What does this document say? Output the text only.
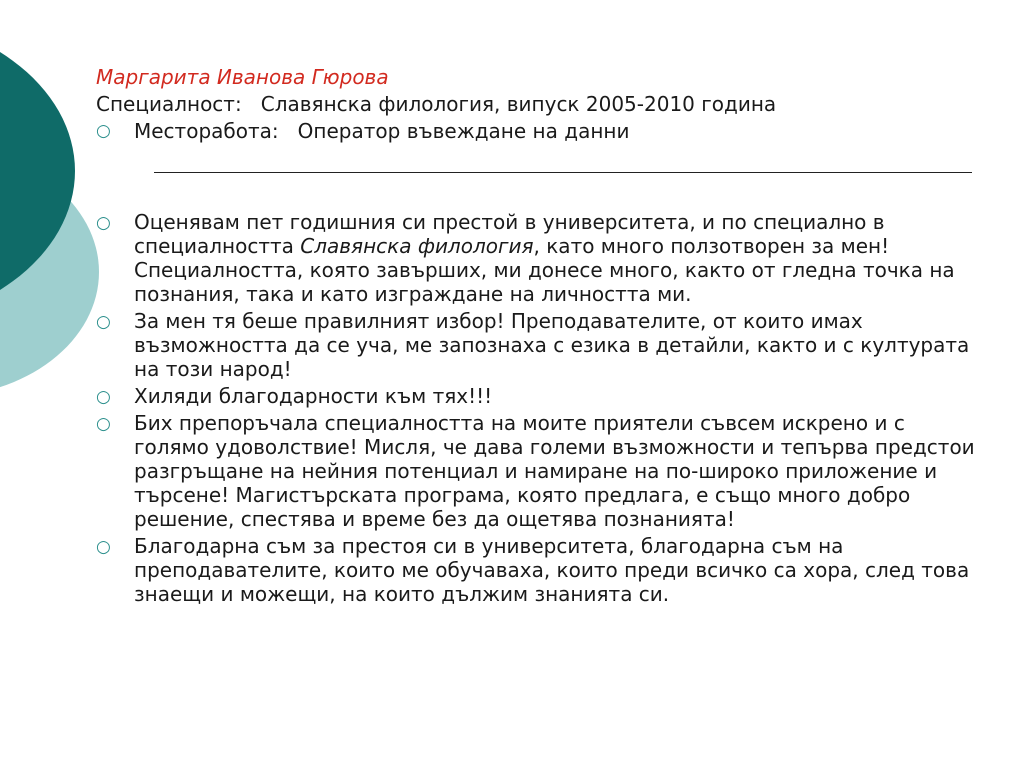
Маргарита Иванова Гюрова

Специалност:   Славянска филология, випуск 2005-2010 година

○ Месторабота:   Оператор въвеждане на данни

○ Оценявам пет годишния си престой в университета, и по специално в специалността Славянска филология, като много ползотворен за мен! Специалността, която завърших, ми донесе много, както от гледна точка на познания, така и като изграждане на личността ми.

○ За мен тя беше правилният избор! Преподавателите, от които имах възможността да се уча, ме запознаха с езика в детайли, както и с културата на този народ!

○ Хиляди благодарности към тях!!!

○ Бих препоръчала специалността на моите приятели съвсем искрено и с голямо удоволствие! Мисля, че дава големи възможности и тепърва предстои разгръщане на нейния потенциал и намиране на по-широко приложение и търсене! Магистърската програма, която предлага, е също много добро решение, спестява и време без да ощетява познанията!

○ Благодарна съм за престоя си в университета, благодарна съм на преподавателите, които ме обучаваха, които преди всичко са хора, след това знаещи и можещи, на които дължим знанията си.
